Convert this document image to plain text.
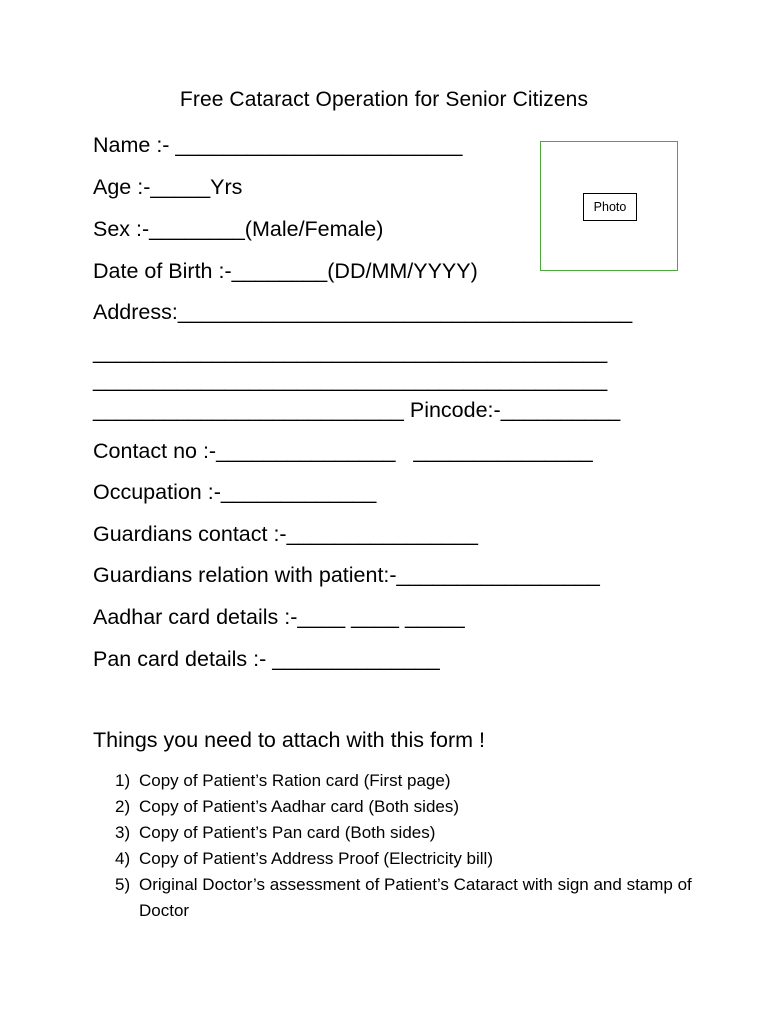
Free Cataract Operation for Senior Citizens
Name :- ________________________
Age :-_____Yrs
Sex :-________(Male/Female)
Date of Birth :-________(DD/MM/YYYY)
Address:______________________________________
___________________________________________
___________________________________________
__________________________ Pincode:-__________
Contact no :-_______________   _______________
Occupation :-_____________
Guardians contact :-________________
Guardians relation with patient:-_________________
Aadhar card details :-____ ____ _____
Pan card details :- ______________
Photo
Things you need to attach with this form !
1) Copy of Patient’s Ration card (First page)
2) Copy of Patient’s Aadhar card (Both sides)
3) Copy of Patient’s Pan card (Both sides)
4) Copy of Patient’s Address Proof (Electricity bill)
5) Original Doctor’s assessment of Patient’s Cataract with sign and stamp of Doctor
